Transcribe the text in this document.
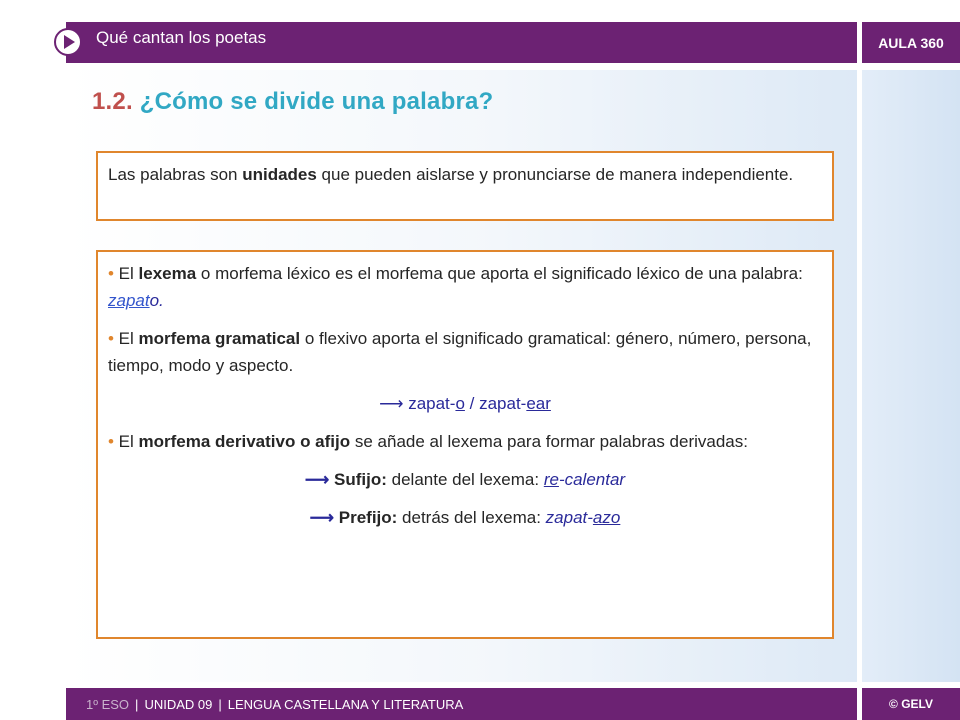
Qué cantan los poetas	AULA 360
1.2. ¿Cómo se divide una palabra?
Las palabras son unidades que pueden aislarse y pronunciarse de manera independiente.

• El lexema o morfema léxico es el morfema que aporta el significado léxico de una palabra: zapato.

• El morfema gramatical o flexivo aporta el significado gramatical: género, número, persona, tiempo, modo y aspecto.

⟶ zapat-o / zapat-ear

• El morfema derivativo o afijo se añade al lexema para formar palabras derivadas:

⟶ Sufijo: delante del lexema: re-calentar

⟶ Prefijo: detrás del lexema: zapat-azo

1º ESO | UNIDAD 09 | LENGUA CASTELLANA Y LITERATURA	© GELV
